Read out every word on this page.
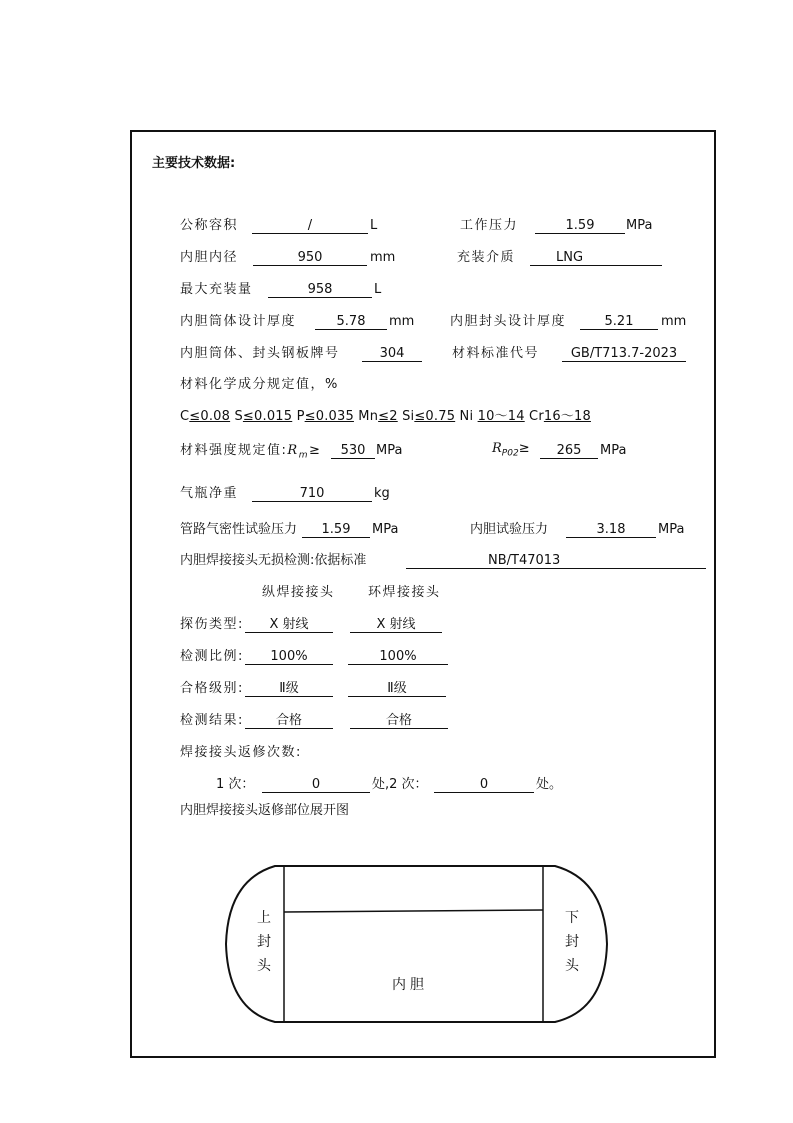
主要技术数据:
公称容积	/	L	工作压力	1.59	MPa
内胆内径	950	mm	充装介质	LNG
最大充装量	958	L
内胆筒体设计厚度	5.78	mm	内胆封头设计厚度	5.21	mm
内胆筒体、封头钢板牌号	304	材料标准代号	GB/T713.7-2023
材料化学成分规定值，%
C≤0.08 S≤0.015 P≤0.035 Mn≤2 Si≤0.75 Ni 10～14 Cr16～18
材料强度规定值$:R_m\ge$	530 MPa	$R_{P02}\ge$	265	MPa
气瓶净重	710	kg
管路气密性试验压力	1.59	MPa	内胆试验压力	3.18	MPa
内胆焊接接头无损检测:依据标准	NB/T47013
纵焊接接头	环焊接接头
探伤类型:	X 射线	X 射线
检测比例:	100%	100%
合格级别:	Ⅱ级	Ⅱ级
检测结果:	合格	合格
焊接接头返修次数:
1 次：	0	处,2 次：	0	处。
内胆焊接接头返修部位展开图
上
封
头
下
封
头
内胆
